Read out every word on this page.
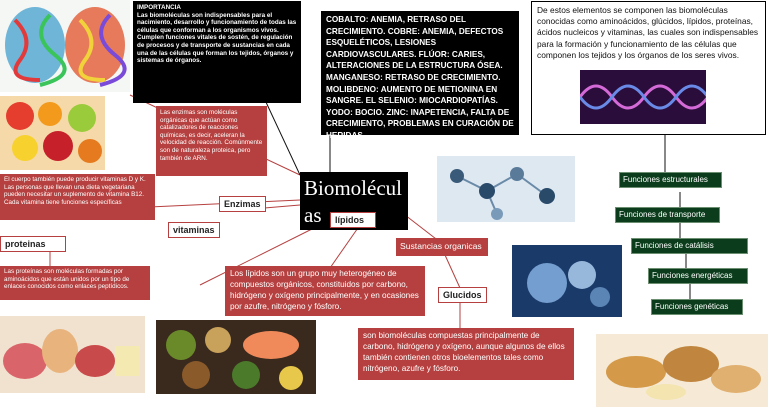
IMPORTANCIA
Las biomoléculas son indispensables para el nacimiento, desarrollo y funcionamiento de todas las células que conforman a los organismos vivos. Cumplen funciones vitales de sostén, de regulación de procesos y de transporte de sustancias en cada una de las células que forman los tejidos, órganos y sistemas de órganos.
COBALTO: ANEMIA, RETRASO DEL CRECIMIENTO. COBRE: ANEMIA, DEFECTOS ESQUELÉTICOS, LESIONES CARDIOVASCULARES. FLÚOR: CARIES, ALTERACIONES DE LA ESTRUCTURA ÓSEA. MANGANESO: RETRASO DE CRECIMIENTO. MOLIBDENO: AUMENTO DE METIONINA EN SANGRE. EL SELENIO: MIOCARDIOPATÍAS. YODO: BOCIO. ZINC: INAPETENCIA, FALTA DE CRECIMIENTO, PROBLEMAS EN CURACIÓN DE HERIDAS.
De estos elementos se componen las biomoléculas conocidas como aminoácidos, glúcidos, lípidos, proteínas, ácidos nucleicos y vitaminas, las cuales son indispensables para la formación y funcionamiento de las células que componen los tejidos y los órganos de los seres vivos.
Las enzimas son moléculas orgánicas que actúan como catalizadores de reacciones químicas, es decir, aceleran la velocidad de reacción. Comúnmente son de naturaleza proteica, pero también de ARN.
Enzimas
El cuerpo también puede producir vitaminas D y K. Las personas que llevan una dieta vegetariana pueden necesitar un suplemento de vitamina B12. Cada vitamina tiene funciones específicas
vitaminas
proteinas
Las proteínas son moléculas formadas por aminoácidos que están unidos por un tipo de enlaces conocidos como enlaces peptídicos.
Biomoléculas	lípidos
Sustancias organicas
Glucidos
Los lípidos son un grupo muy heterogéneo de compuestos orgánicos, constituidos por carbono, hidrógeno y oxígeno principalmente, y en ocasiones por azufre, nitrógeno y fósforo.
son biomoléculas compuestas principalmente de carbono, hidrógeno y oxígeno, aunque algunos de ellos también contienen otros bioelementos tales como nitrógeno, azufre y fósforo.
Funciones estructurales
Funciones de transporte
Funciones de catálisis
Funciones energéticas
Funciones genéticas
